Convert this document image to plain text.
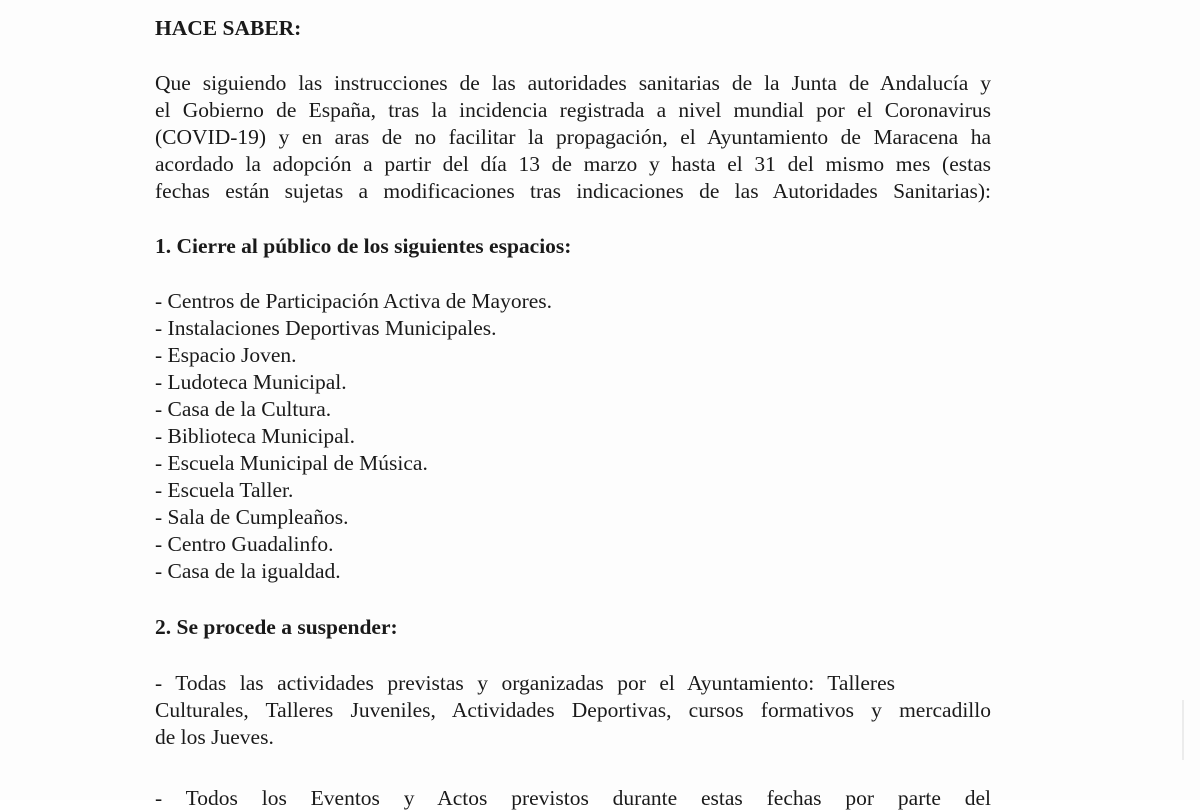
HACE SABER:

Que siguiendo las instrucciones de las autoridades sanitarias de la Junta de Andalucía y

el Gobierno de España, tras la incidencia registrada a nivel mundial por el Coronavirus

(COVID-19) y en aras de no facilitar la propagación, el Ayuntamiento de Maracena ha

acordado la adopción a partir del día 13 de marzo y hasta el 31 del mismo mes (estas

fechas están sujetas a modificaciones tras indicaciones de las Autoridades Sanitarias):

1. Cierre al público de los siguientes espacios:

- Centros de Participación Activa de Mayores.

- Instalaciones Deportivas Municipales.

- Espacio Joven.

- Ludoteca Municipal.

- Casa de la Cultura.

- Biblioteca Municipal.

- Escuela Municipal de Música.

- Escuela Taller.

- Sala de Cumpleaños.

- Centro Guadalinfo.

- Casa de la igualdad.

2. Se procede a suspender:

- Todas las actividades previstas y organizadas por el Ayuntamiento: Talleres

Culturales, Talleres Juveniles, Actividades Deportivas, cursos formativos y mercadillo

de los Jueves.

- Todos los Eventos y Actos previstos durante estas fechas por parte del
